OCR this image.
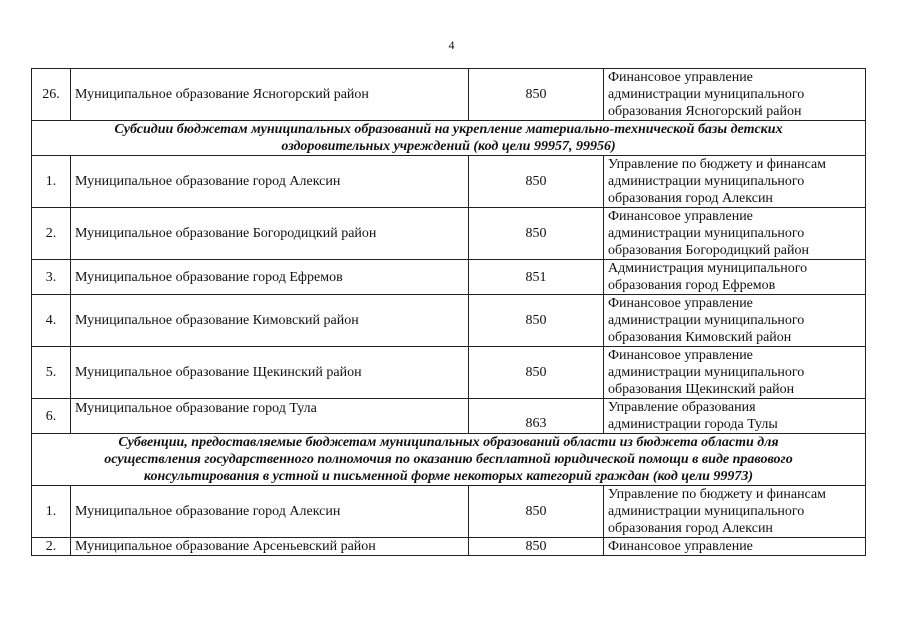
4
26.	Муниципальное образование Ясногорский район	850	Финансовое управление
администрации муниципального
образования Ясногорский район

Субсидии бюджетам муниципальных образований на укрепление материально-технической базы детских
оздоровительных учреждений (код цели 99957, 99956)			

1.	Муниципальное образование город Алексин	850	Управление по бюджету и финансам
администрации муниципального
образования город Алексин

2.	Муниципальное образование Богородицкий район	850	Финансовое управление
администрации муниципального
образования Богородицкий район

3.	Муниципальное образование город Ефремов	851	Администрация муниципального
образования город Ефремов

4.	Муниципальное образование Кимовский район	850	Финансовое управление
администрации муниципального
образования Кимовский район

5.	Муниципальное образование Щекинский район	850	Финансовое управление
администрации муниципального
образования Щекинский район

6.	Муниципальное образование город Тула	863	Управление образования
администрации города Тулы

Субвенции, предоставляемые бюджетам муниципальных образований области из бюджета области для
осуществления государственного полномочия по оказанию бесплатной юридической помощи в виде правового
консультирования в устной и письменной форме некоторых категорий граждан (код цели 99973)			

1.	Муниципальное образование город Алексин	850	Управление по бюджету и финансам
администрации муниципального
образования город Алексин

2.	Муниципальное образование Арсеньевский район	850	Финансовое управление
